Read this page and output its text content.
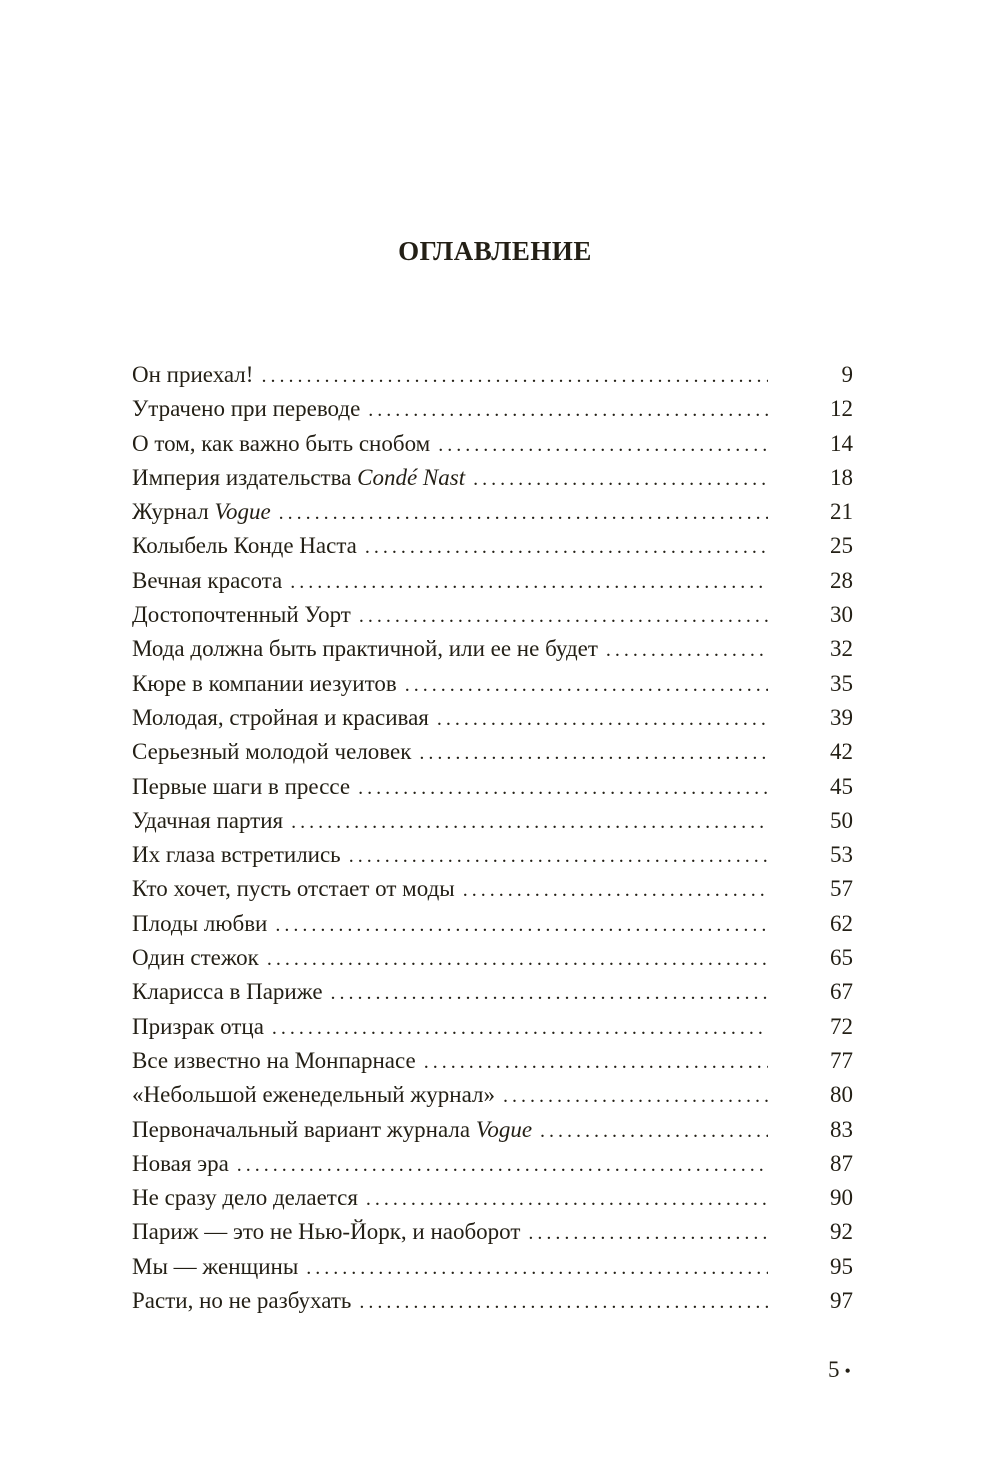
ОГЛАВЛЕНИЕ
Он приехал! . . .	9
Утрачено при переводе . . .	12
О том, как важно быть снобом . . .	14
Империя издательства Condé Nast . . .	18
Журнал Vogue . . .	21
Колыбель Конде Наста . . .	25
Вечная красота . . .	28
Достопочтенный Уорт . . .	30
Мода должна быть практичной, или ее не будет . . .	32
Кюре в компании иезуитов . . .	35
Молодая, стройная и красивая . . .	39
Серьезный молодой человек . . .	42
Первые шаги в прессе . . .	45
Удачная партия . . .	50
Их глаза встретились . . .	53
Кто хочет, пусть отстает от моды . . .	57
Плоды любви . . .	62
Один стежок . . .	65
Кларисса в Париже . . .	67
Призрак отца . . .	72
Все известно на Монпарнасе . . .	77
«Небольшой еженедельный журнал» . . .	80
Первоначальный вариант журнала Vogue . . .	83
Новая эра . . .	87
Не сразу дело делается . . .	90
Париж — это не Нью-Йорк, и наоборот . . .	92
Мы — женщины . . .	95
Расти, но не разбухать . . .	97
5 •
